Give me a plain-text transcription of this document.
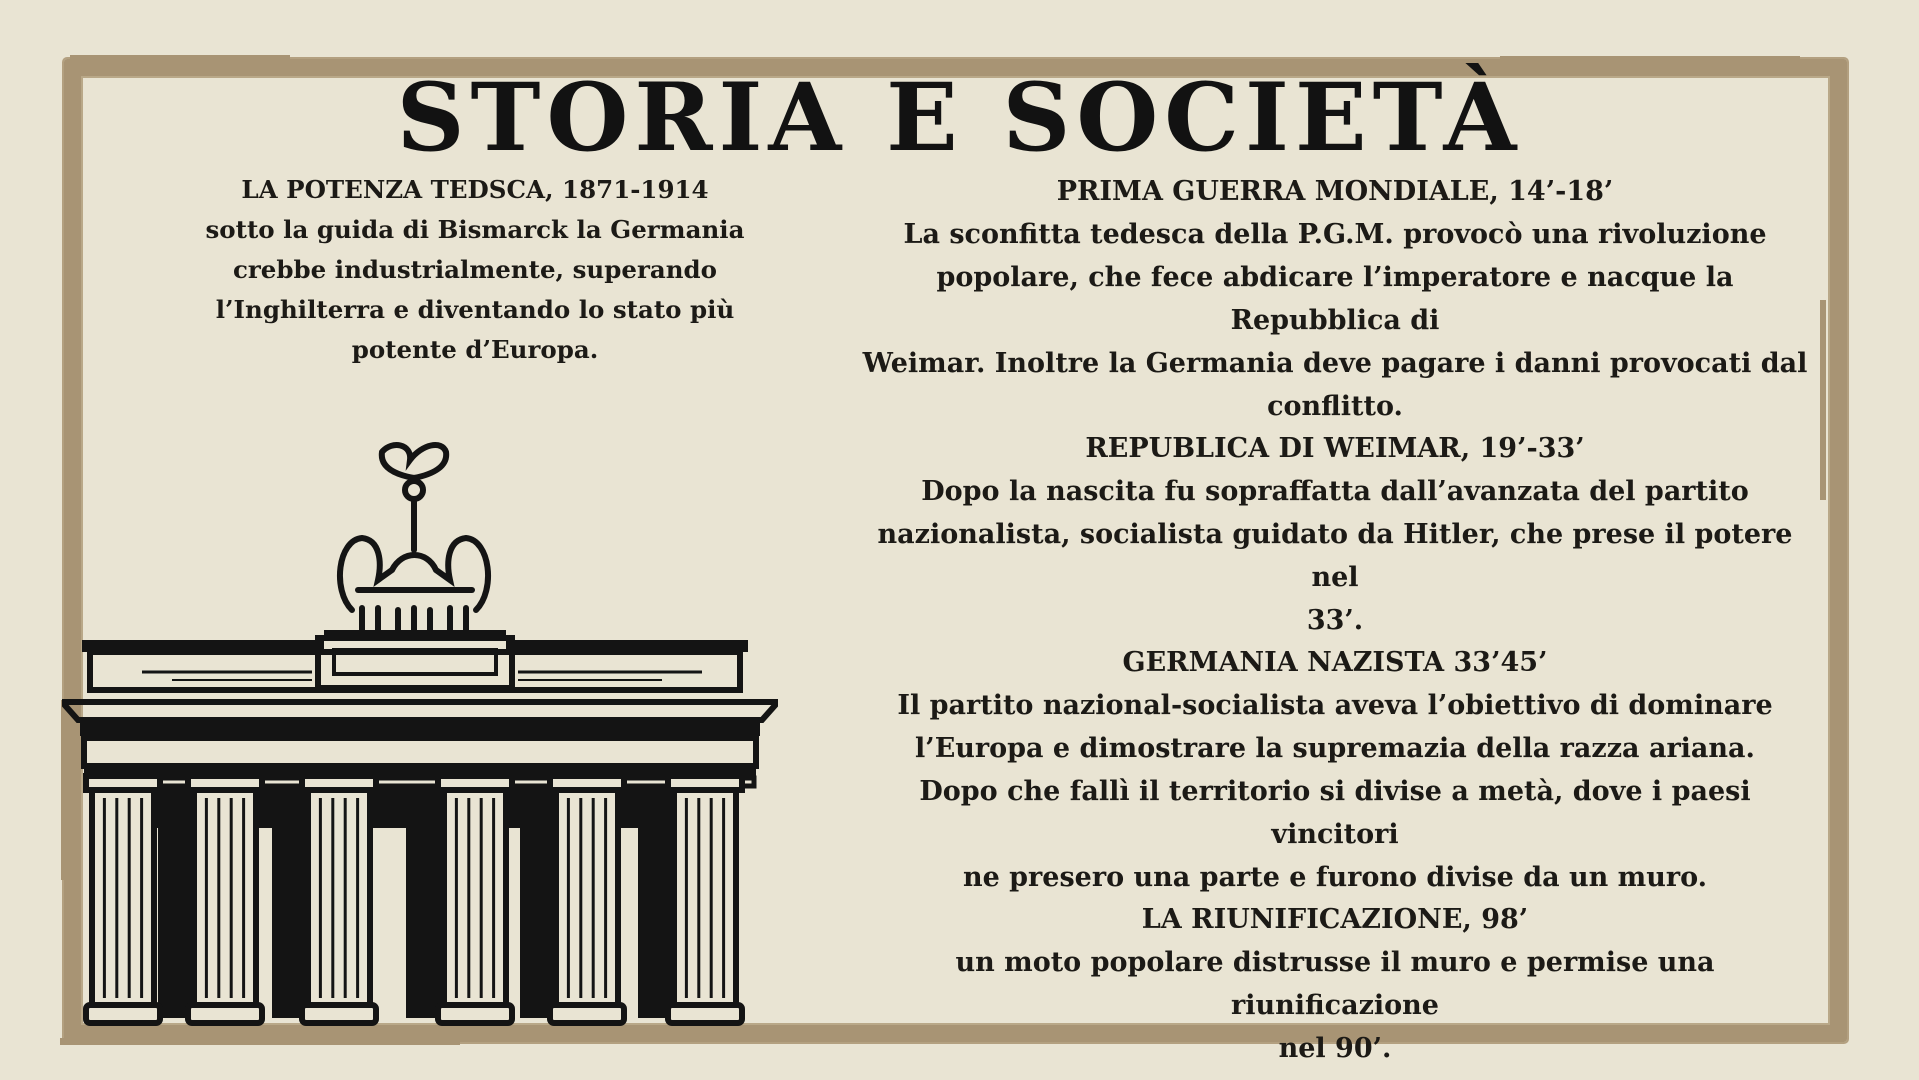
STORIA E SOCIETÀ
LA POTENZA TEDSCA, 1871-1914
sotto la guida di Bismarck la Germania
crebbe industrialmente, superando
l’Inghilterra e diventando lo stato più
potente d’Europa.
PRIMA GUERRA MONDIALE, 14’-18’
La sconfitta tedesca della P.G.M. provocò una rivoluzione
popolare, che fece abdicare l’imperatore e nacque la Repubblica di
Weimar. Inoltre la Germania deve pagare i danni provocati dal
conflitto.
REPUBLICA DI WEIMAR, 19’-33’
Dopo la nascita fu sopraffatta dall’avanzata del partito
nazionalista, socialista guidato da Hitler, che prese il potere nel
33’.
GERMANIA NAZISTA 33’45’
Il partito nazional-socialista aveva l’obiettivo di dominare
l’Europa e dimostrare la supremazia della razza ariana.
Dopo che fallì il territorio si divise a metà, dove i paesi vincitori
ne presero una parte e furono divise da un muro.
LA RIUNIFICAZIONE, 98’
un moto popolare distrusse il muro e permise una riunificazione
nel 90’.
